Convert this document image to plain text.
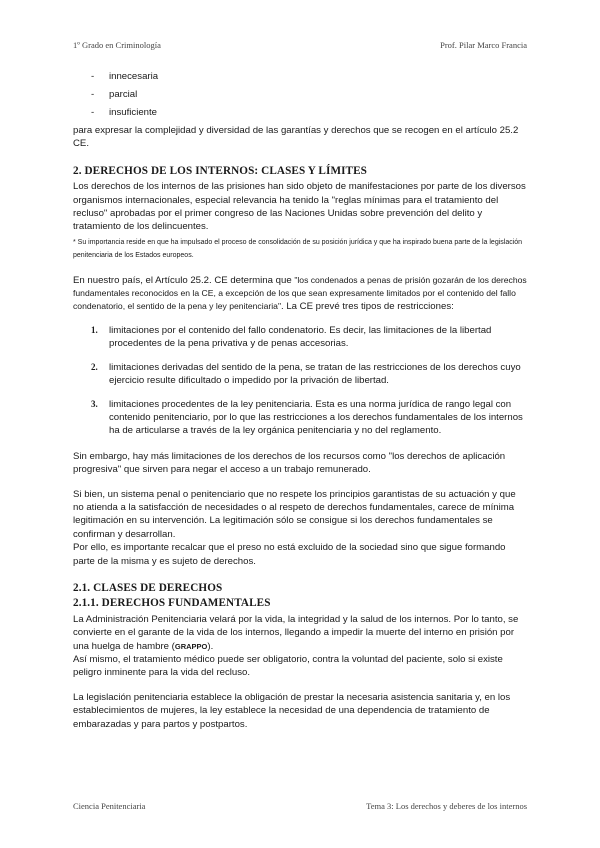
1º Grado en Criminología	Prof. Pilar Marco Francia
-	innecesaria
-	parcial
-	insuficiente

para expresar la complejidad y diversidad de las garantías y derechos que se recogen en el artículo 25.2 CE.

2. DERECHOS DE LOS INTERNOS: CLASES Y LÍMITES

Los derechos de los internos de las prisiones han sido objeto de manifestaciones por parte de los diversos organismos internacionales, especial relevancia ha tenido la "reglas mínimas para el tratamiento del recluso" aprobadas por el primer congreso de las Naciones Unidas sobre prevención del delito y tratamiento de los delincuentes.

* Su importancia reside en que ha impulsado el proceso de consolidación de su posición jurídica y que ha inspirado buena parte de la legislación penitenciaria de los Estados europeos.

En nuestro país, el Artículo 25.2. CE determina que "los condenados a penas de prisión gozarán de los derechos fundamentales reconocidos en la CE, a excepción de los que sean expresamente limitados por el contenido del fallo condenatorio, el sentido de la pena y ley penitenciaria". La CE prevé tres tipos de restricciones:

1.	limitaciones por el contenido del fallo condenatorio. Es decir, las limitaciones de la libertad procedentes de la pena privativa y de penas accesorias.
2.	limitaciones derivadas del sentido de la pena, se tratan de las restricciones de los derechos cuyo ejercicio resulte dificultado o impedido por la privación de libertad.
3.	limitaciones procedentes de la ley penitenciaria. Esta es una norma jurídica de rango legal con contenido penitenciario, por lo que las restricciones a los derechos fundamentales de los internos ha de articularse a través de la ley orgánica penitenciaria y no del reglamento.

Sin embargo, hay más limitaciones de los derechos de los recursos como "los derechos de aplicación progresiva" que sirven para negar el acceso a un trabajo remunerado.

Si bien, un sistema penal o penitenciario que no respete los principios garantistas de su actuación y que no atienda a la satisfacción de necesidades o al respeto de derechos fundamentales, carece de mínima legitimación en su intervención. La legitimación sólo se consigue si los derechos fundamentales se confirman y desarrollan.

Por ello, es importante recalcar que el preso no está excluido de la sociedad sino que sigue formando parte de la misma y es sujeto de derechos.

2.1. CLASES DE DERECHOS
2.1.1. DERECHOS FUNDAMENTALES

La Administración Penitenciaria velará por la vida, la integridad y la salud de los internos. Por lo tanto, se convierte en el garante de la vida de los internos, llegando a impedir la muerte del interno en prisión por una huelga de hambre (GRAPPO).

Así mismo, el tratamiento médico puede ser obligatorio, contra la voluntad del paciente, solo si existe peligro inminente para la vida del recluso.

La legislación penitenciaria establece la obligación de prestar la necesaria asistencia sanitaria y, en los establecimientos de mujeres, la ley establece la necesidad de una dependencia de tratamiento de embarazadas y para partos y postpartos.

Ciencia Penitenciaria	Tema 3: Los derechos y deberes de los internos
